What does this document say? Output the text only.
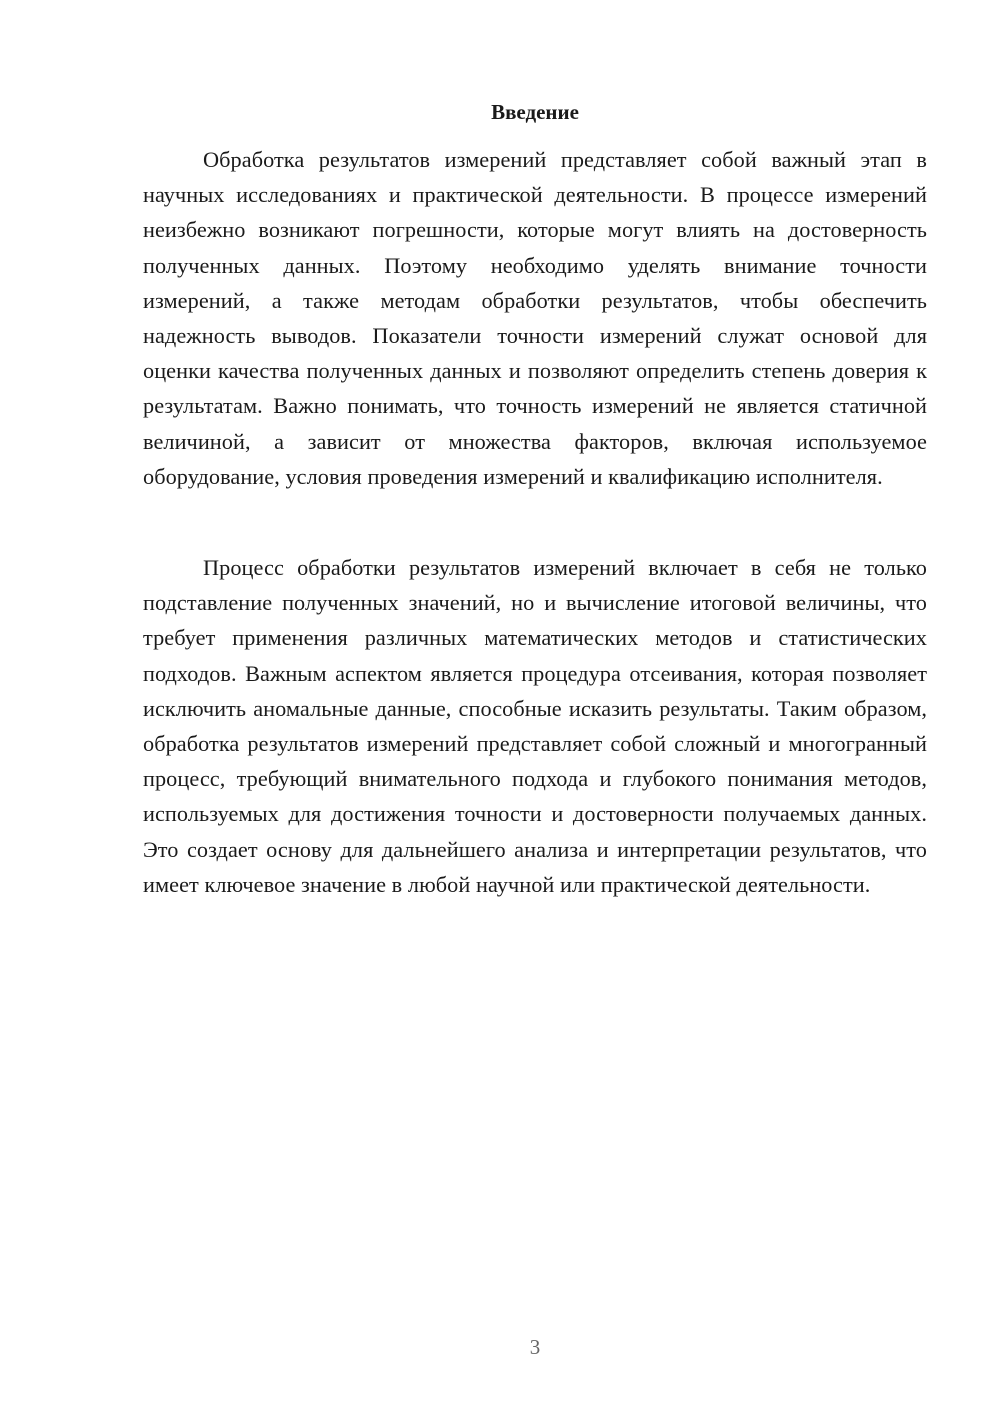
Введение

Обработка результатов измерений представляет собой важный этап в научных исследованиях и практической деятельности. В процессе измерений неизбежно возникают погрешности, которые могут влиять на достоверность полученных данных. Поэтому необходимо уделять внимание точности измерений, а также методам обработки результатов, чтобы обеспечить надежность выводов. Показатели точности измерений служат основой для оценки качества полученных данных и позволяют определить степень доверия к результатам. Важно понимать, что точность измерений не является статичной величиной, а зависит от множества факторов, включая используемое оборудование, условия проведения измерений и квалификацию исполнителя.

Процесс обработки результатов измерений включает в себя не только подставление полученных значений, но и вычисление итоговой величины, что требует применения различных математических методов и статистических подходов. Важным аспектом является процедура отсеивания, которая позволяет исключить аномальные данные, способные исказить результаты. Таким образом, обработка результатов измерений представляет собой сложный и многогранный процесс, требующий внимательного подхода и глубокого понимания методов, используемых для достижения точности и достоверности получаемых данных. Это создает основу для дальнейшего анализа и интерпретации результатов, что имеет ключевое значение в любой научной или практической деятельности.

3
